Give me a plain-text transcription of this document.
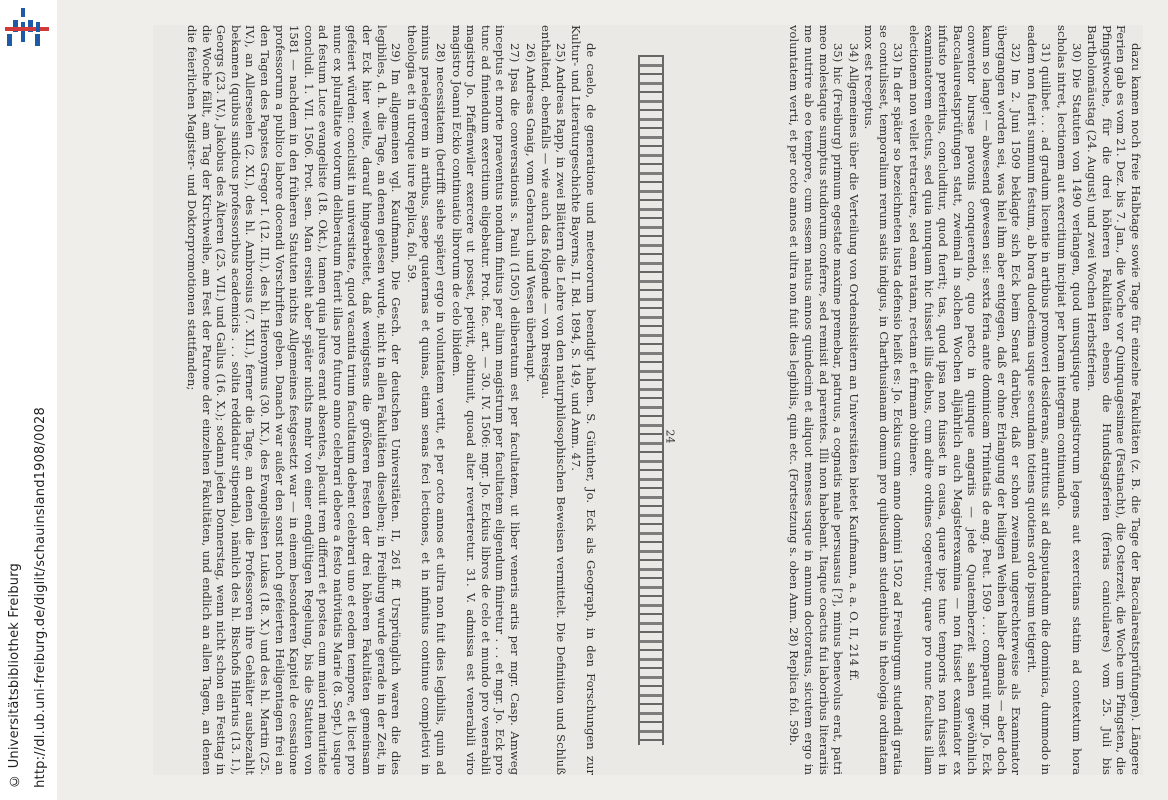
http://dl.ub.uni-freiburg.de/diglit/schauinsland1908/0028
© Universitätsbibliothek Freiburg	de caelo, de generatione und meteororum beendigt haben. S. Günther, Jo. Eck als Geograph, in den Forschungen zur Kultur- und Literaturgeschichte Bayerns, II. Bd. 1894, S. 149, und Anm. 47.

25) Andreas Rapp, in zwei Blättern die Lehre von den naturphilosophischen Beweisen vermittelt. Die Definition und Schluß enthaltend, ebenfalls — wie auch das folgende — von Breisgau.

26) Andreas Gnaig, vom Gebrauch und Wesen überhaupt.

27) Ipsa die conversationis s. Pauli (1505) deliberatum est per facultatem, ut liber veneris artis per mgr. Casp. Amweg inceptus et morte praeventus nondum finitus per alium magistrum per facultatem eligendum finiretur . . . et mgr. Jo. Eck pro tunc ad finiendum exercitium eligebatur. Prot. fac. art. — 30. IV. 1506: mgr. Jo. Eckius libros de celo et mundo pro venerabili magistro Jo. Pfaffenwiler exercere ut posset, petivit, obtinuit, quoad alter reverteretur. 31. V. admissa est venerabili viro magistro Joanni Eckio continuatio librorum de celo libidem.

28) necessitatem (betrifft siehe später) ergo in voluntatem vertit, et per octo annos et ultra non fuit dies legibilis, quin ad minus praelegerem in artibus, saepe quaternas et quinas, etiam senas feci lectiones, et in infinitus continue completivi in theologia et in utroque iure Replica, fol. 59.

29) Im allgemeinen vgl. Kaufmann, Die Gesch. der deutschen Universitäten. II, 261 ff. Ursprünglich waren die dies legibiles, d. h. die Tage, an denen gelesen wurde, nicht in allen Fakultäten dieselben; in Freiburg wurde gerade in der Zeit, in der Eck hier weilte, darauf hingearbeitet, daß wenigstens die größeren Festen der drei höheren Fakultäten gemeinsam gefeiert würden: conclusit in universitate, quod vacantia trium facultatum debent celebrari uno et eodem tempore, et licet pro nunc ex pluralitate votorum deliberatum fuerit illas pro futuro anno celebrari debere a festo nativitatis Marie (8. Sept.) usque ad festum Luce evangeliste (18. Okt.), tamen quia plures erant absentes, placuit rem differri et postea cum maiori maturitate concludi. 1. VII. 1506. Prot. sen. Man ersieht aber später nichts mehr von einer endgültigen Regelung, bis die Statuten von 1581 — nachdem in den früheren Statuten nichts Allgemeines festgesetzt war — in einem besonderen Kapitel de cessatione professorum a publico labore docendi Vorschriften geben. Danach war außer den sonst noch gefeierten Heiligentagen frei an den Tagen des Papstes Gregor I. (12. III.), des hl. Hieronymus (30. IX.), des Evangelisten Lukas (18. X.) und des hl. Martin (25. IV.), an Allerseelen (2. XI.), des hl. Ambrosius (7. XII.), ferner die Tage, an denen die Professoren ihre Gehälter ausbezahlt bekamen (quibus sindicus professoribus academicis . . . solita reddidatur stipendia), nämlich des hl. Bischofs Hilarius (13. I.), Georgs (23. IV.), Jakobus des Älteren (25. VII.) und Gallus (16. X.); sodann jeden Donnerstag, wenn nicht schon ein Festtag in die Woche fällt, am Tag der Kirchweihe, am Fest der Patrone der einzelnen Fakultäten, und endlich an allen Tagen, an denen die feierlichen Magister- und Doktorpromotionen stattfanden;

24	dazu kamen noch freie Halbtage sowie Tage für einzelne Fakultäten (z. B. die Tage der Baccalareatsprüfungen). Längere Ferien gab es vom 21. Dez. bis 7. Jan., die Woche vor Quinquagesimae (Fastnacht), die Osterzeit, die Woche um Pfingsten, die Pfingstwoche, für die drei höheren Fakultäten ebenso die Hundstagsferien (ferias caniculares) vom 25. Juli bis Bartholomäustag (24. August) und zwei Wochen Herbstferien.

30) Die Statuten von 1490 verlangen, quod unusquisque magistrorum legens aut exercitans statim ad contextum hora scholas intret, lectionem aut exercitium incipiat per horam integram continuando.

31) quilibet . . . ad gradum licentie in artibus promoveri desiderans, antrittus sit ad disputandum die dominica, dummodo in eadem non fuerit summum festum, ab hora duodecima usque secundam totiens quotiens ordo ipsum tetigerit.

32) Im 2. Juni 1509 beklagte sich Eck beim Senat darüber, daß er schon zweimal ungerechterweise als Examinator übergangen worden sei, was hiel ihm aber entgegen, daß er ohne Erlangung der heiligen Weihen halber damals — aber doch kaum so lange! — abwesend gewesen sei: sexta feria ante dominicam Trinitatis de ang. Peut. 1509 . . . comparuit mgr. Jo. Eck conventor bursae pavonis conquerendo, quo pacto in quinque angariis — jede Quatemberzeit sahen gewöhnlich Baccalaureatsprüfungen statt, zweimal in solchen Wochen alljährlich auch Magisterexamina — non fuisset examinator ex infusto preteritus, concluditur, quod fuerit; tas, quod ipsa non fuisset in causa, quare ipse tunc temporis non fuisset in examinatorem electus, sed quia nunquam hic fuisset illis diebus, cum adire ordines cogeretur, quare pro nunc facultas illam electionem non vellet retractare, sed eam ratam, rectam et firmam obtinere.

33) In der später so bezeichneten iusta defensio heißt es: Jo. Eckius cum anno domini 1502 ad Freiburgum studendi gratia se contulisset, temporalium rerum satis indigus, in Charthusianam domum pro quibusdam studentibus in theologia ordinatam mox est receptus.

34) Allgemeines über die Verteilung von Ordensbisitern an Universitäten bietet Kaufmann, a. a. O. II, 214 ff.

35) hic (Freiburg) primum egestate maxime premebar, patruus, a cognatis male persuasus [?], minus benevolus erat, patri meo molestaque sumptus studiorum conferre, sed remisit ad parentes. Illi non habebant. Itaque coactus fui laboribus literariis me nutrire ab eo tempore, cum essem natus annos quindecim et aliquot menses usque in annum doctoratus, sicutem ergo in voluntatem verti, et per octo annos et ultra non fuit dies legibilis, quin etc. (Fortsetzung s. oben Anm. 28) Replica fol. 59b.
